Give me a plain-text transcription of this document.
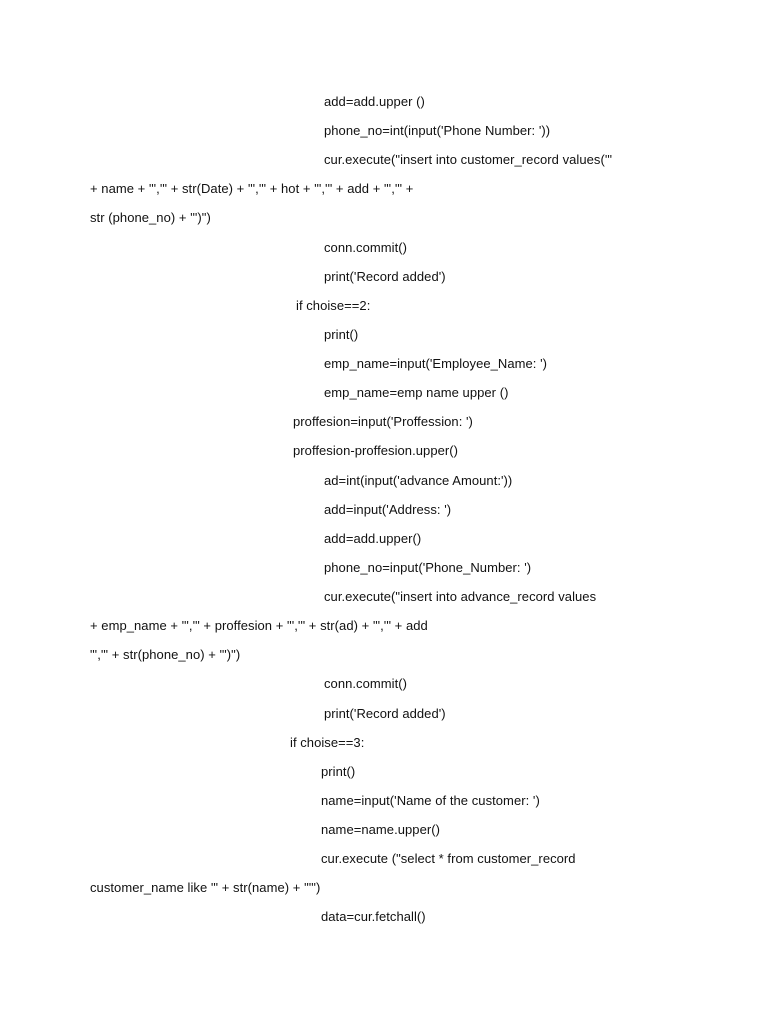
add=add.upper ()
phone_no=int(input('Phone Number: '))
cur.execute("insert into customer_record values('"
+ name + "','" + str(Date) + "','" + hot + "','" + add + "','" +
str (phone_no) + "')")
conn.commit()
print('Record added')
if choise==2:
print()
emp_name=input('Employee_Name: ')
emp_name=emp name upper ()
proffesion=input('Proffession: ')
proffesion-proffesion.upper()
ad=int(input('advance Amount:'))
add=input('Address: ')
add=add.upper()
phone_no=input('Phone_Number: ')
cur.execute("insert into advance_record values
+ emp_name + "','" + proffesion + "','" + str(ad) + "','" + add
"','" + str(phone_no) + "')")
conn.commit()
print('Record added')
if choise==3:
print()
name=input('Name of the customer: ')
name=name.upper()
cur.execute ("select * from customer_record
customer_name like '" + str(name) + "'")
data=cur.fetchall()
